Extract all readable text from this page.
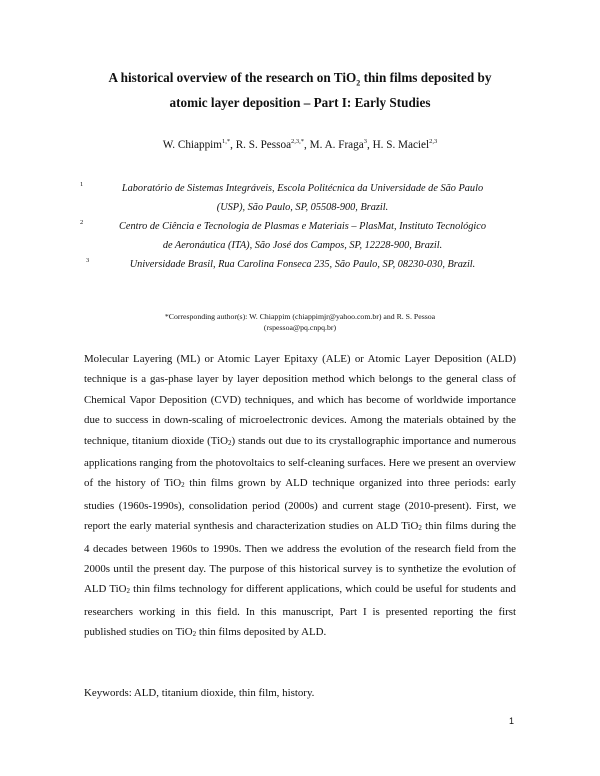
A historical overview of the research on TiO$_2$ thin films deposited by
atomic layer deposition – Part I: Early Studies
W. Chiappim$^{1,*}$, R. S. Pessoa$^{2,3,*}$, M. A. Fraga$^3$, H. S. Maciel$^{2,3}$
1	Laboratório de Sistemas Integráveis, Escola Politécnica da Universidade de São Paulo
(USP), São Paulo, SP, 05508-900, Brazil.
2	Centro de Ciência e Tecnologia de Plasmas e Materiais – PlasMat, Instituto Tecnológico
de Aeronáutica (ITA), São José dos Campos, SP, 12228-900, Brazil.
3	Universidade Brasil, Rua Carolina Fonseca 235, São Paulo, SP, 08230-030, Brazil.
*Corresponding author(s): W. Chiappim (chiappimjr@yahoo.com.br) and R. S. Pessoa
(rspessoa@pq.cnpq.br)
Molecular Layering (ML) or Atomic Layer Epitaxy (ALE) or Atomic Layer Deposition (ALD) technique is a gas-phase layer by layer deposition method which belongs to the general class of Chemical Vapor Deposition (CVD) techniques, and which has become of worldwide importance due to success in down-scaling of microelectronic devices. Among the materials obtained by the technique, titanium dioxide (TiO$_2$) stands out due to its crystallographic importance and numerous applications ranging from the photovoltaics to self-cleaning surfaces. Here we present an overview of the history of TiO$_2$ thin films grown by ALD technique organized into three periods: early studies (1960s-1990s), consolidation period (2000s) and current stage (2010-present). First, we report the early material synthesis and characterization studies on ALD TiO$_2$ thin films during the 4 decades between 1960s to 1990s. Then we address the evolution of the research field from the 2000s until the present day. The purpose of this historical survey is to synthetize the evolution of ALD TiO$_2$ thin films technology for different applications, which could be useful for students and researchers working in this field. In this manuscript, Part I is presented reporting the first published studies on TiO$_2$ thin films deposited by ALD.
Keywords: ALD, titanium dioxide, thin film, history.
1
